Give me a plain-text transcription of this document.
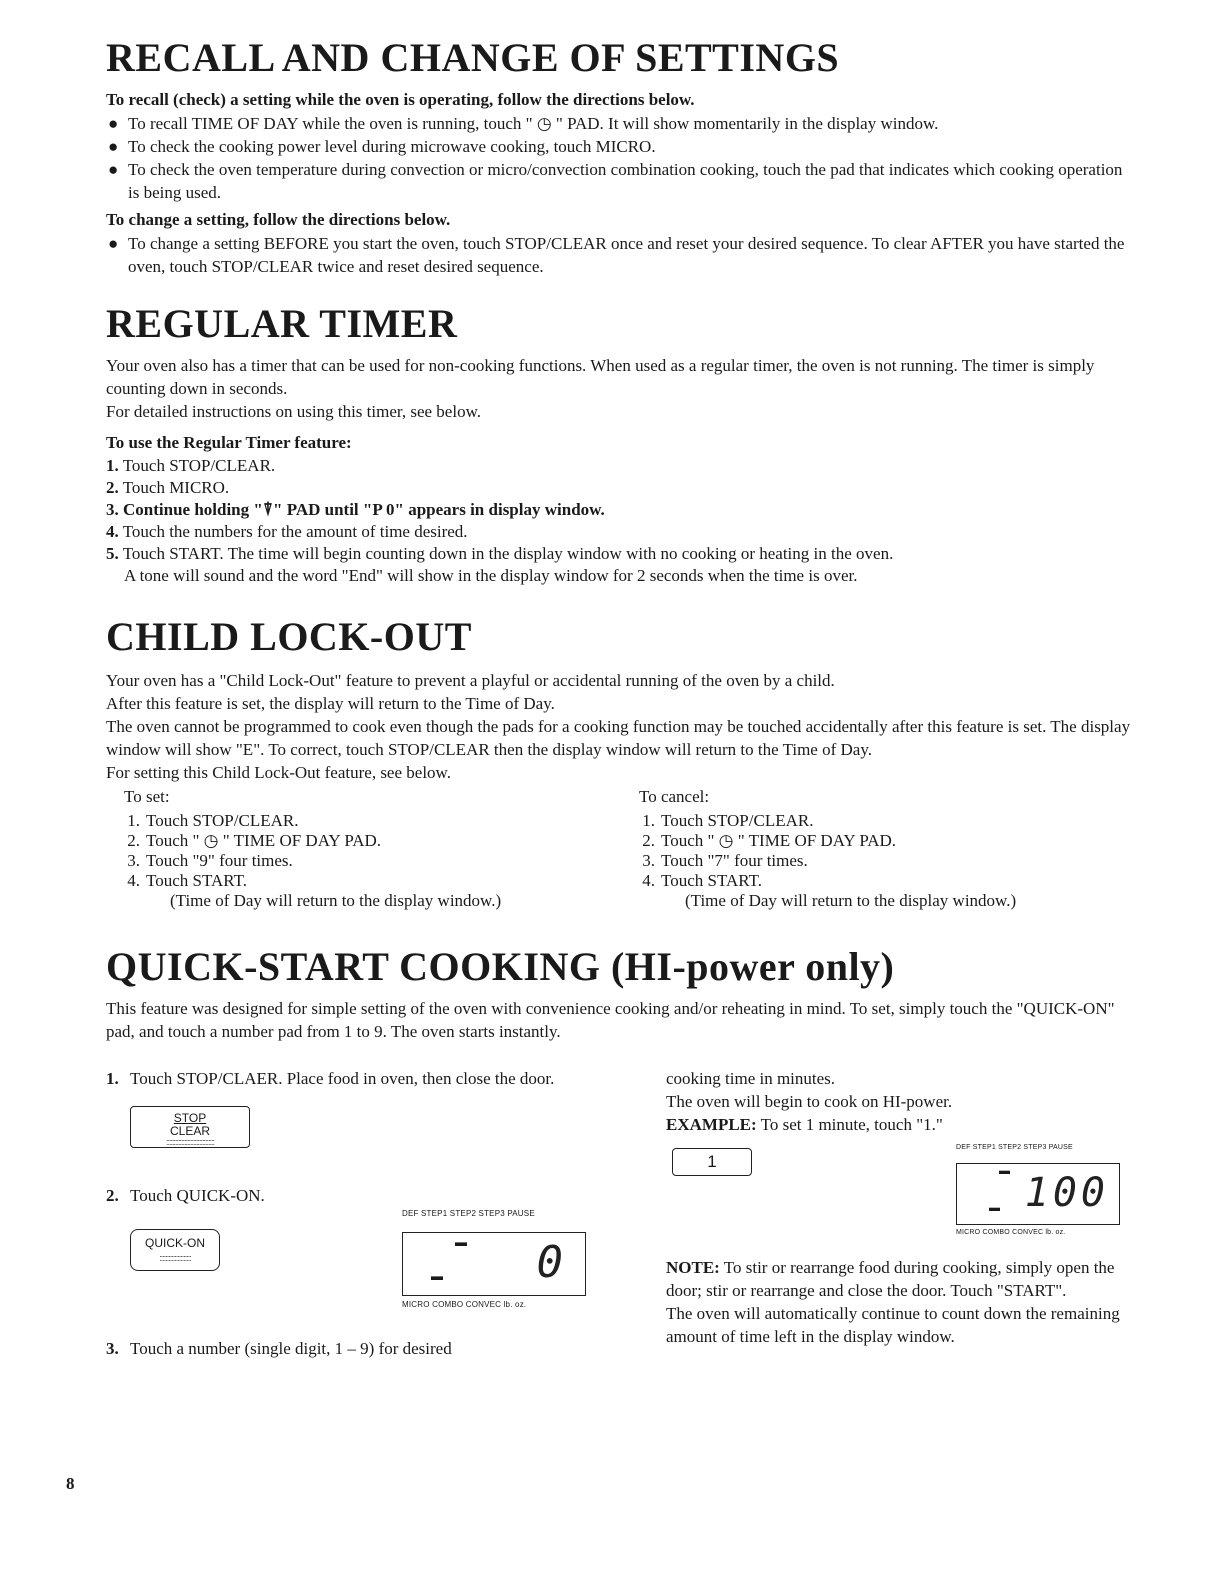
RECALL AND CHANGE OF SETTINGS
To recall (check) a setting while the oven is operating, follow the directions below.
● To recall TIME OF DAY while the oven is running, touch " ◷ " PAD. It will show momentarily in the display window.
● To check the cooking power level during microwave cooking, touch MICRO.
● To check the oven temperature during convection or micro/convection combination cooking, touch the pad that indicates which cooking operation is being used.
To change a setting, follow the directions below.
● To change a setting BEFORE you start the oven, touch STOP/CLEAR once and reset your desired sequence. To clear AFTER you have started the oven, touch STOP/CLEAR twice and reset desired sequence.
REGULAR TIMER

Your oven also has a timer that can be used for non-cooking functions. When used as a regular timer, the oven is not running. The timer is simply counting down in seconds.

For detailed instructions on using this timer, see below.

To use the Regular Timer feature:
1. Touch STOP/CLEAR.
2. Touch MICRO.
3. Continue holding "⍒" PAD until "P 0" appears in display window.
4. Touch the numbers for the amount of time desired.
5. Touch START. The time will begin counting down in the display window with no cooking or heating in the oven.
A tone will sound and the word "End" will show in the display window for 2 seconds when the time is over.
CHILD LOCK-OUT

Your oven has a "Child Lock-Out" feature to prevent a playful or accidental running of the oven by a child.

After this feature is set, the display will return to the Time of Day.

The oven cannot be programmed to cook even though the pads for a cooking function may be touched accidentally after this feature is set. The display window will show "E". To correct, touch STOP/CLEAR then the display window will return to the Time of Day.

For setting this Child Lock-Out feature, see below.

To set:
1. Touch STOP/CLEAR.
2. Touch " ◷ " TIME OF DAY PAD.
3. Touch "9" four times.
4. Touch START.
(Time of Day will return to the display window.)
To cancel:
1. Touch STOP/CLEAR.
2. Touch " ◷ " TIME OF DAY PAD.
3. Touch "7" four times.
4. Touch START.
(Time of Day will return to the display window.)
QUICK-START COOKING (HI-power only)

This feature was designed for simple setting of the oven with convenience cooking and/or reheating in mind. To set, simply touch the "QUICK-ON" pad, and touch a number pad from 1 to 9. The oven starts instantly.

1. Touch STOP/CLAER. Place food in oven, then close the door.
STOP
CLEAR
::::::::::::::::::::::::::::::::
2. Touch QUICK-ON.
QUICK-ON
:::::::::::::::::::::
DEF STEP1 STEP2 STEP3 PAUSE
▬
▬ 0
MICRO COMBO CONVEC lb. oz.
3. Touch a number (single digit, 1 – 9) for desired

cooking time in minutes.

The oven will begin to cook on HI-power.

EXAMPLE: To set 1 minute, touch "1."

1
DEF STEP1 STEP2 STEP3 PAUSE
▬
▬ 100
MICRO COMBO CONVEC lb. oz.

NOTE: To stir or rearrange food during cooking, simply open the door; stir or rearrange and close the door. Touch "START".

The oven will automatically continue to count down the remaining amount of time left in the display window.

8
